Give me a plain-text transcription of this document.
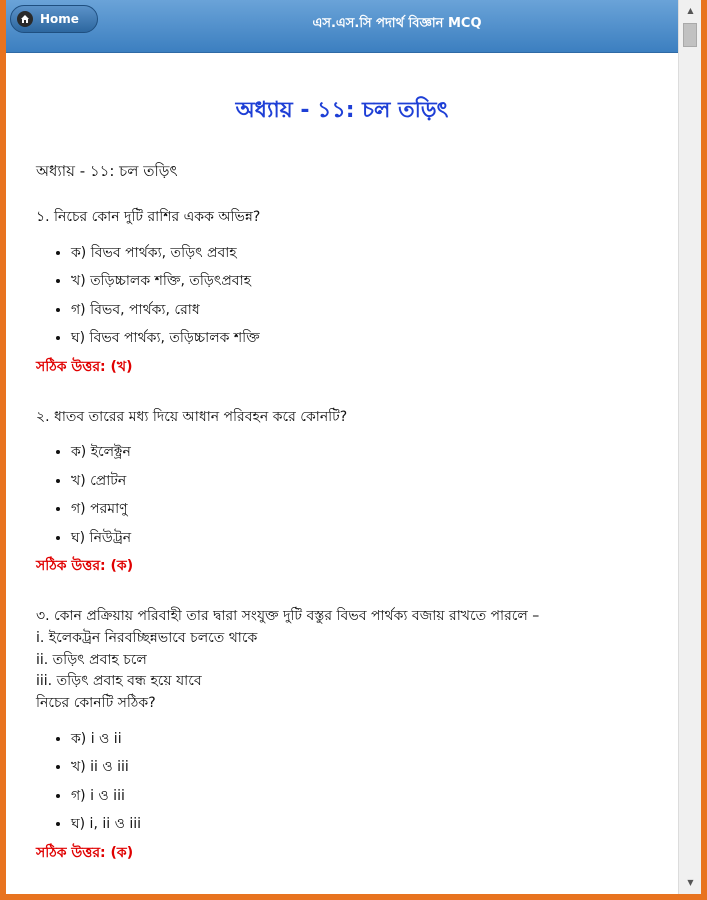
Home	এস.এস.সি পদার্থ বিজ্ঞান MCQ
অধ্যায় - ১১: চল তড়িৎ
অধ্যায় - ১১: চল তড়িৎ
১. নিচের কোন দুটি রাশির একক অভিন্ন?
• ক) বিভব পার্থক্য, তড়িৎ প্রবাহ
• খ) তড়িচ্চালক শক্তি, তড়িৎপ্রবাহ
• গ) বিভব, পার্থক্য, রোধ
• ঘ) বিভব পার্থক্য, তড়িচ্চালক শক্তি
সঠিক উত্তর: (খ)
২. ধাতব তারের মধ্য দিয়ে আধান পরিবহন করে কোনটি?
• ক) ইলেক্ট্রন
• খ) প্রোটন
• গ) পরমাণু
• ঘ) নিউট্রন
সঠিক উত্তর: (ক)
৩. কোন প্রক্রিয়ায় পরিবাহী তার দ্বারা সংযুক্ত দুটি বস্তুর বিভব পার্থক্য বজায় রাখতে পারলে –
i. ইলেকট্রন নিরবচ্ছিন্নভাবে চলতে থাকে
ii. তড়িৎ প্রবাহ চলে
iii. তড়িৎ প্রবাহ বন্ধ হয়ে যাবে
নিচের কোনটি সঠিক?
• ক) i ও ii
• খ) ii ও iii
• গ) i ও iii
• ঘ) i, ii ও iii
সঠিক উত্তর: (ক)
▲
▼
